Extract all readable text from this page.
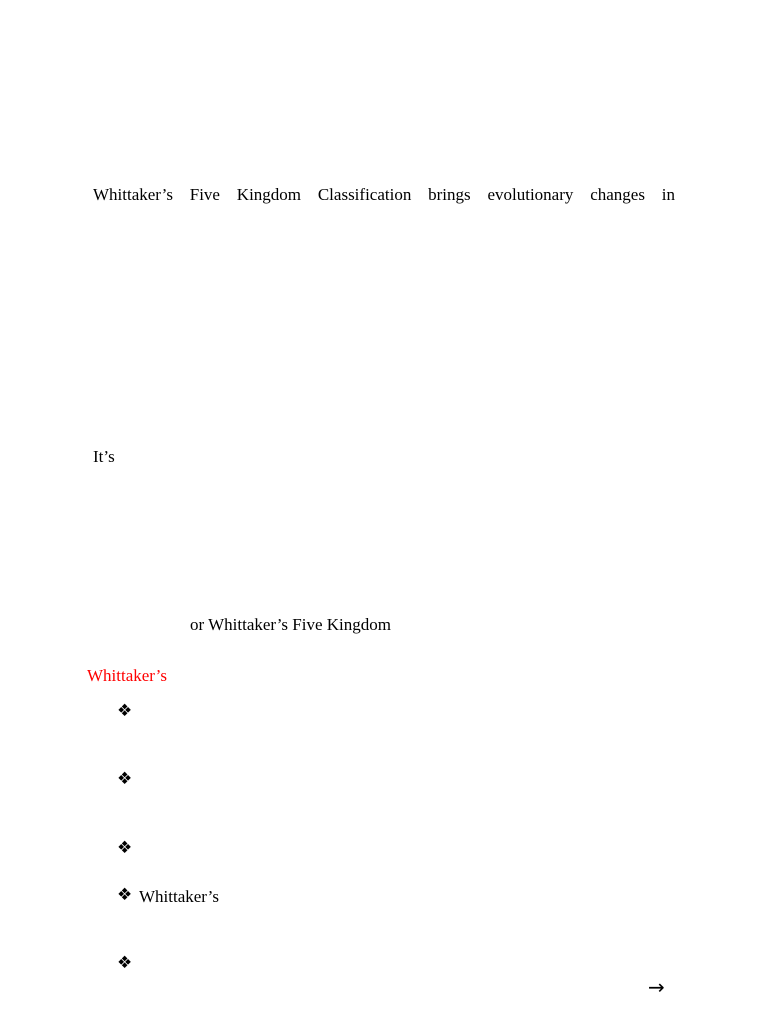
Whittaker’s Five Kingdom Classification brings evolutionary changes in
It’s
or Whittaker’s Five Kingdom
Whittaker’s
❖
❖
❖
❖ Whittaker’s
❖
→
